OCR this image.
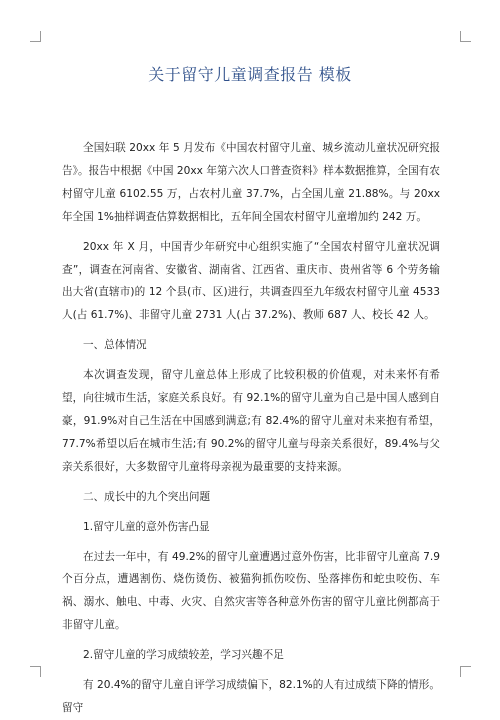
关于留守儿童调查报告 模板

全国妇联 20xx 年 5 月发布《中国农村留守儿童、城乡流动儿童状况研究报告》。报告中根据《中国 20xx 年第六次人口普查资料》样本数据推算，全国有农村留守儿童 6102.55 万，占农村儿童 37.7%，占全国儿童 21.88%。与 20xx 年全国 1%抽样调查估算数据相比，五年间全国农村留守儿童增加约 242 万。

20xx 年 X 月，中国青少年研究中心组织实施了“全国农村留守儿童状况调查”，调查在河南省、安徽省、湖南省、江西省、重庆市、贵州省等 6 个劳务输出大省(直辖市)的 12 个县(市、区)进行，共调查四至九年级农村留守儿童 4533 人(占 61.7%)、非留守儿童 2731 人(占 37.2%)、教师 687 人、校长 42 人。

一、总体情况

本次调查发现，留守儿童总体上形成了比较积极的价值观，对未来怀有希望，向往城市生活，家庭关系良好。有 92.1%的留守儿童为自己是中国人感到自豪，91.9%对自己生活在中国感到满意;有 82.4%的留守儿童对未来抱有希望，77.7%希望以后在城市生活;有 90.2%的留守儿童与母亲关系很好，89.4%与父亲关系很好，大多数留守儿童将母亲视为最重要的支持来源。

二、成长中的九个突出问题

1.留守儿童的意外伤害凸显

在过去一年中，有 49.2%的留守儿童遭遇过意外伤害，比非留守儿童高 7.9 个百分点，遭遇割伤、烧伤烫伤、被猫狗抓伤咬伤、坠落摔伤和蛇虫咬伤、车祸、溺水、触电、中毒、火灾、自然灾害等各种意外伤害的留守儿童比例都高于非留守儿童。

2.留守儿童的学习成绩较差，学习兴趣不足

有 20.4%的留守儿童自评学习成绩偏下，82.1%的人有过成绩下降的情形。留守
